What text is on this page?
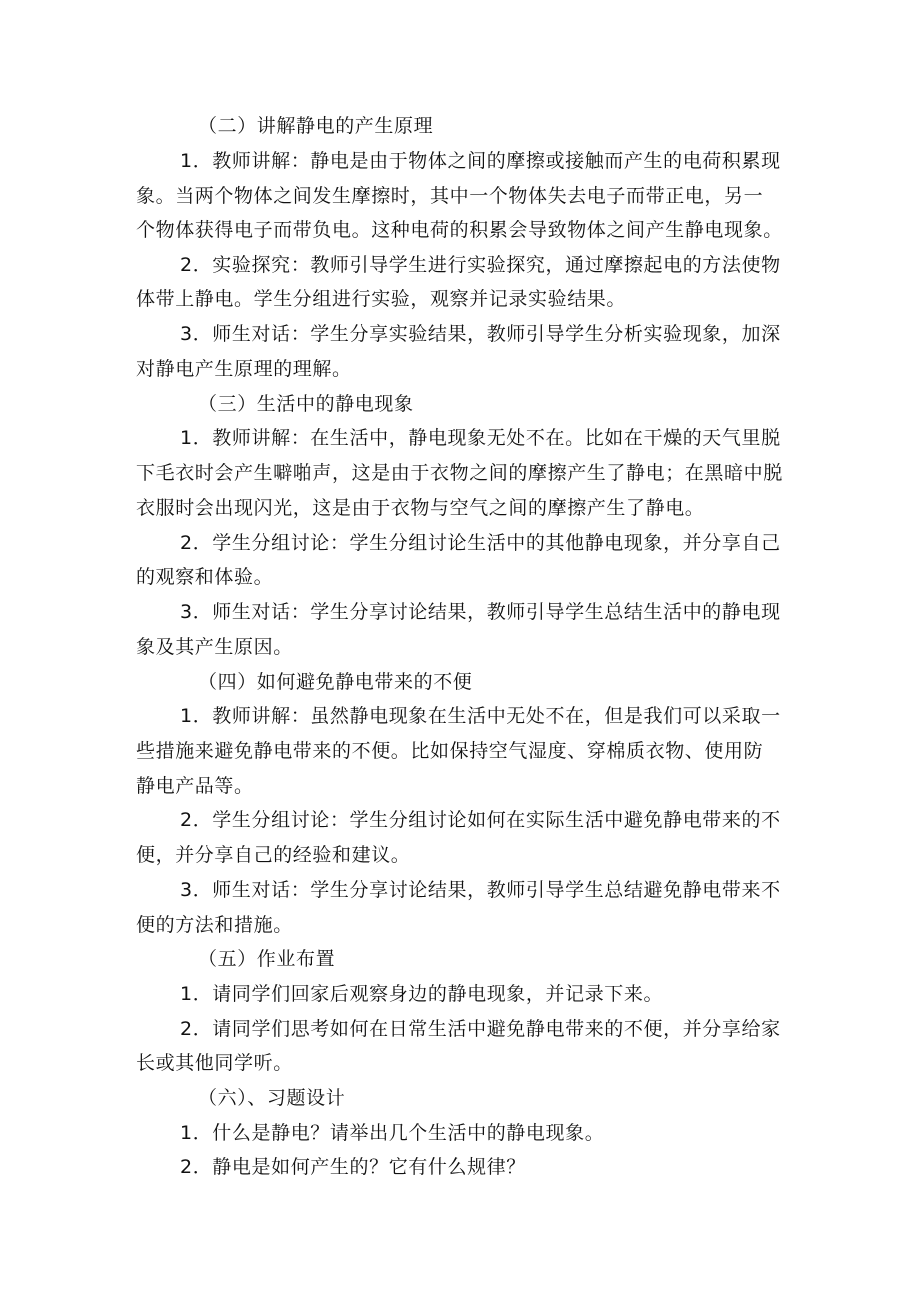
（二）讲解静电的产生原理
1．教师讲解：静电是由于物体之间的摩擦或接触而产生的电荷积累现
象。当两个物体之间发生摩擦时，其中一个物体失去电子而带正电，另一
个物体获得电子而带负电。这种电荷的积累会导致物体之间产生静电现象。
2．实验探究：教师引导学生进行实验探究，通过摩擦起电的方法使物
体带上静电。学生分组进行实验，观察并记录实验结果。
3．师生对话：学生分享实验结果，教师引导学生分析实验现象，加深
对静电产生原理的理解。
（三）生活中的静电现象
1．教师讲解：在生活中，静电现象无处不在。比如在干燥的天气里脱
下毛衣时会产生噼啪声，这是由于衣物之间的摩擦产生了静电；在黑暗中脱
衣服时会出现闪光，这是由于衣物与空气之间的摩擦产生了静电。
2．学生分组讨论：学生分组讨论生活中的其他静电现象，并分享自己
的观察和体验。
3．师生对话：学生分享讨论结果，教师引导学生总结生活中的静电现
象及其产生原因。
（四）如何避免静电带来的不便
1．教师讲解：虽然静电现象在生活中无处不在，但是我们可以采取一
些措施来避免静电带来的不便。比如保持空气湿度、穿棉质衣物、使用防
静电产品等。
2．学生分组讨论：学生分组讨论如何在实际生活中避免静电带来的不
便，并分享自己的经验和建议。
3．师生对话：学生分享讨论结果，教师引导学生总结避免静电带来不
便的方法和措施。
（五）作业布置
1．请同学们回家后观察身边的静电现象，并记录下来。
2．请同学们思考如何在日常生活中避免静电带来的不便，并分享给家
长或其他同学听。
（六）、习题设计
1．什么是静电？请举出几个生活中的静电现象。
2．静电是如何产生的？它有什么规律？
